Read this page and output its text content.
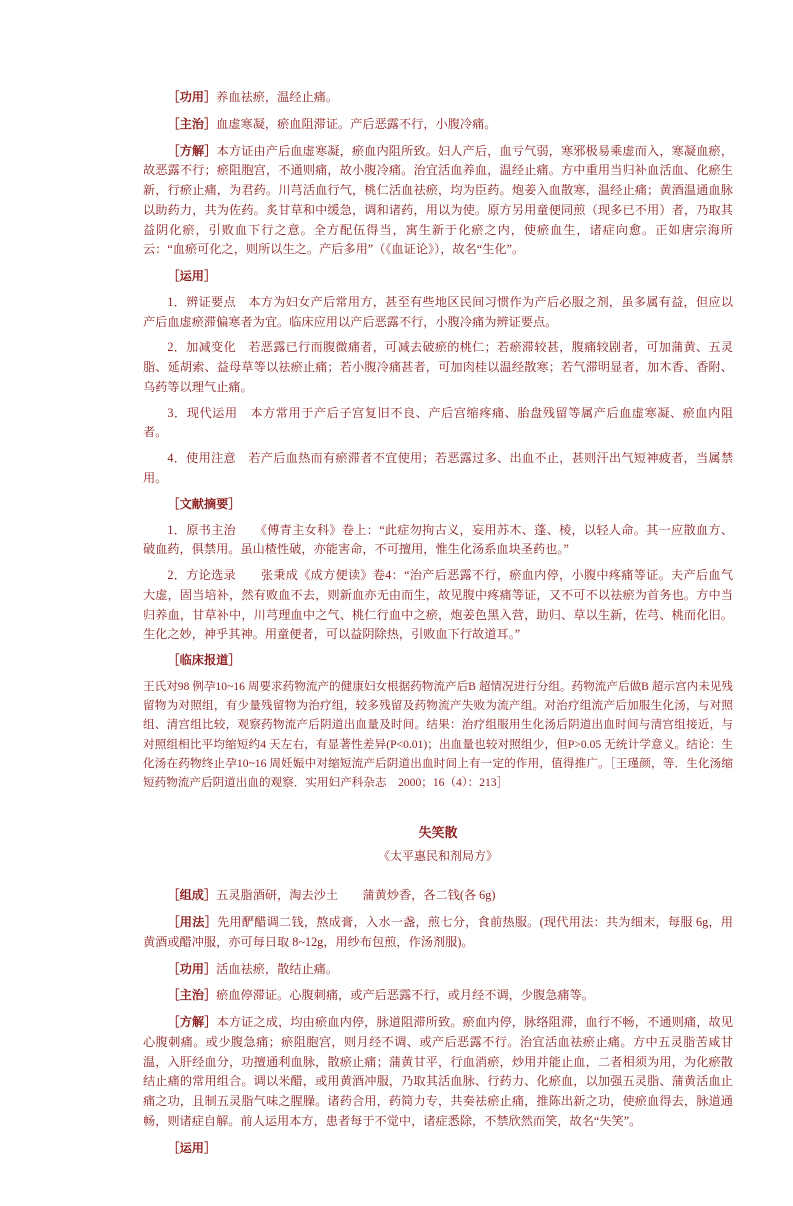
［功用］养血祛瘀，温经止痛。

［主治］血虚寒凝，瘀血阻滞证。产后恶露不行，小腹冷痛。

［方解］本方证由产后血虚寒凝，瘀血内阻所致。妇人产后，血亏气弱，寒邪极易乘虚而入，寒凝血瘀，故恶露不行；瘀阻胞宫，不通则痛，故小腹冷痛。治宜活血养血，温经止痛。方中重用当归补血活血、化瘀生新，行瘀止痛，为君药。川芎活血行气，桃仁活血祛瘀，均为臣药。炮姜入血散寒，温经止痛；黄酒温通血脉以助药力，共为佐药。炙甘草和中缓急，调和诸药，用以为使。原方另用童便同煎（现多已不用）者，乃取其益阴化瘀，引败血下行之意。全方配伍得当，寓生新于化瘀之内，使瘀血生，诸症向愈。正如唐宗海所云：“血瘀可化之，则所以生之。产后多用”（《血证论》），故名“生化”。

［运用］

1．辨证要点　 本方为妇女产后常用方，甚至有些地区民间习惯作为产后必服之剂，虽多属有益，但应以产后血虚瘀滞偏寒者为宜。临床应用以产后恶露不行，小腹冷痛为辨证要点。

2．加减变化　 若恶露已行而腹微痛者，可减去破瘀的桃仁；若瘀滞较甚，腹痛较剧者，可加蒲黄、五灵脂、延胡索、益母草等以祛瘀止痛；若小腹冷痛甚者，可加肉桂以温经散寒；若气滞明显者，加木香、香附、乌药等以理气止痛。

3．现代运用　 本方常用于产后子宫复旧不良、产后宫缩疼痛、胎盘残留等属产后血虚寒凝、瘀血内阻者。

4．使用注意　 若产后血热而有瘀滞者不宜使用；若恶露过多、出血不止，甚则汗出气短神疲者，当属禁用。

［文献摘要］

1．原书主治　　 《傅青主女科》卷上：“此症勿拘古义，妄用苏木、蓬、棱，以轻人命。其一应散血方、破血药，俱禁用。虽山楂性破，亦能害命，不可擅用，惟生化汤系血块圣药也。”

2．方论选录　　 张秉成《成方便读》卷4：“治产后恶露不行，瘀血内停，小腹中疼痛等证。夫产后血气大虚，固当培补，然有败血不去，则新血亦无由而生，故见腹中疼痛等证，又不可不以祛瘀为首务也。方中当归养血，甘草补中，川芎理血中之气、桃仁行血中之瘀，炮姜色黑入营，助归、草以生新，佐芎、桃而化旧。生化之妙，神乎其神。用童便者，可以益阴除热，引败血下行故道耳。”

［临床报道］

王氏对98 例孕10~16 周要求药物流产的健康妇女根据药物流产后B 超情况进行分组。药物流产后做B 超示宫内未见残留物为对照组，有少量残留物为治疗组，较多残留及药物流产失败为流产组。对治疗组流产后加服生化汤，与对照组、清宫组比较，观察药物流产后阴道出血量及时间。结果：治疗组服用生化汤后阴道出血时间与清宫组接近，与对照组相比平均缩短约4 天左右，有显著性差异(P<0.01)；出血量也较对照组少，但P>0.05 无统计学意义。结论：生化汤在药物终止孕10~16 周妊娠中对缩短流产后阴道出血时间上有一定的作用，值得推广。［王瑾颜，等．生化汤缩短药物流产后阴道出血的观察．实用妇产科杂志　2000；16（4）：213］

失笑散

《太平惠民和剂局方》

［组成］五灵脂酒研，淘去沙土　　蒲黄炒香，各二钱(各 6g)

［用法］先用酽醋调二钱，熬成膏，入水一盏，煎七分，食前热服。(现代用法：共为细末，每服 6g，用黄酒或醋冲服，亦可每日取 8~12g，用纱布包煎，作汤剂服)。

［功用］活血祛瘀，散结止痛。

［主治］瘀血停滞证。心腹刺痛，或产后恶露不行，或月经不调，少腹急痛等。

［方解］本方证之成，均由瘀血内停，脉道阻滞所致。瘀血内停，脉络阻滞，血行不畅，不通则痛，故见心腹刺痛。或少腹急痛；瘀阻胞宫，则月经不调、或产后恶露不行。治宜活血祛瘀止痛。方中五灵脂苦咸甘温，入肝经血分，功擅通利血脉，散瘀止痛；蒲黄甘平，行血消瘀，炒用并能止血，二者相须为用，为化瘀散结止痛的常用组合。调以米醋，或用黄酒冲服，乃取其活血脉、行药力、化瘀血，以加强五灵脂、蒲黄活血止痛之功，且制五灵脂气味之腥臊。诸药合用，药简力专，共奏祛瘀止痛，推陈出新之功，使瘀血得去，脉道通畅，则诸症自解。前人运用本方，患者每于不觉中，诸症悉除，不禁欣然而笑，故名“失笑”。

［运用］
